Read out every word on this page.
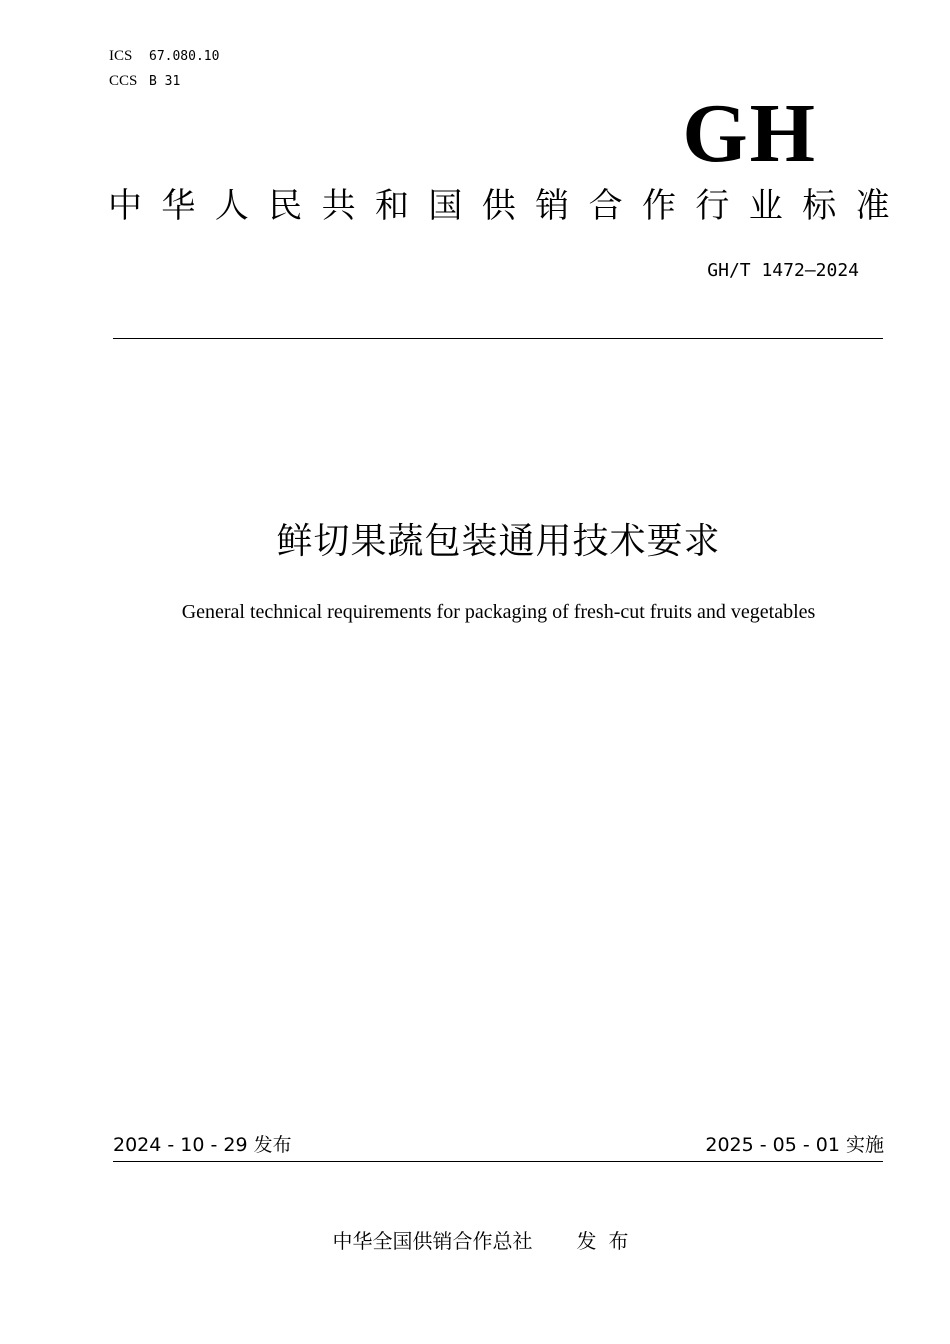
ICS 67.080.10
CCS B 31
GH
中华人民共和国供销合作行业标准
GH/T 1472—2024
鲜切果蔬包装通用技术要求
General technical requirements for packaging of fresh-cut fruits and vegetables
2024 - 10 - 29 发布	2025 - 05 - 01 实施
中华全国供销合作总社 发布
